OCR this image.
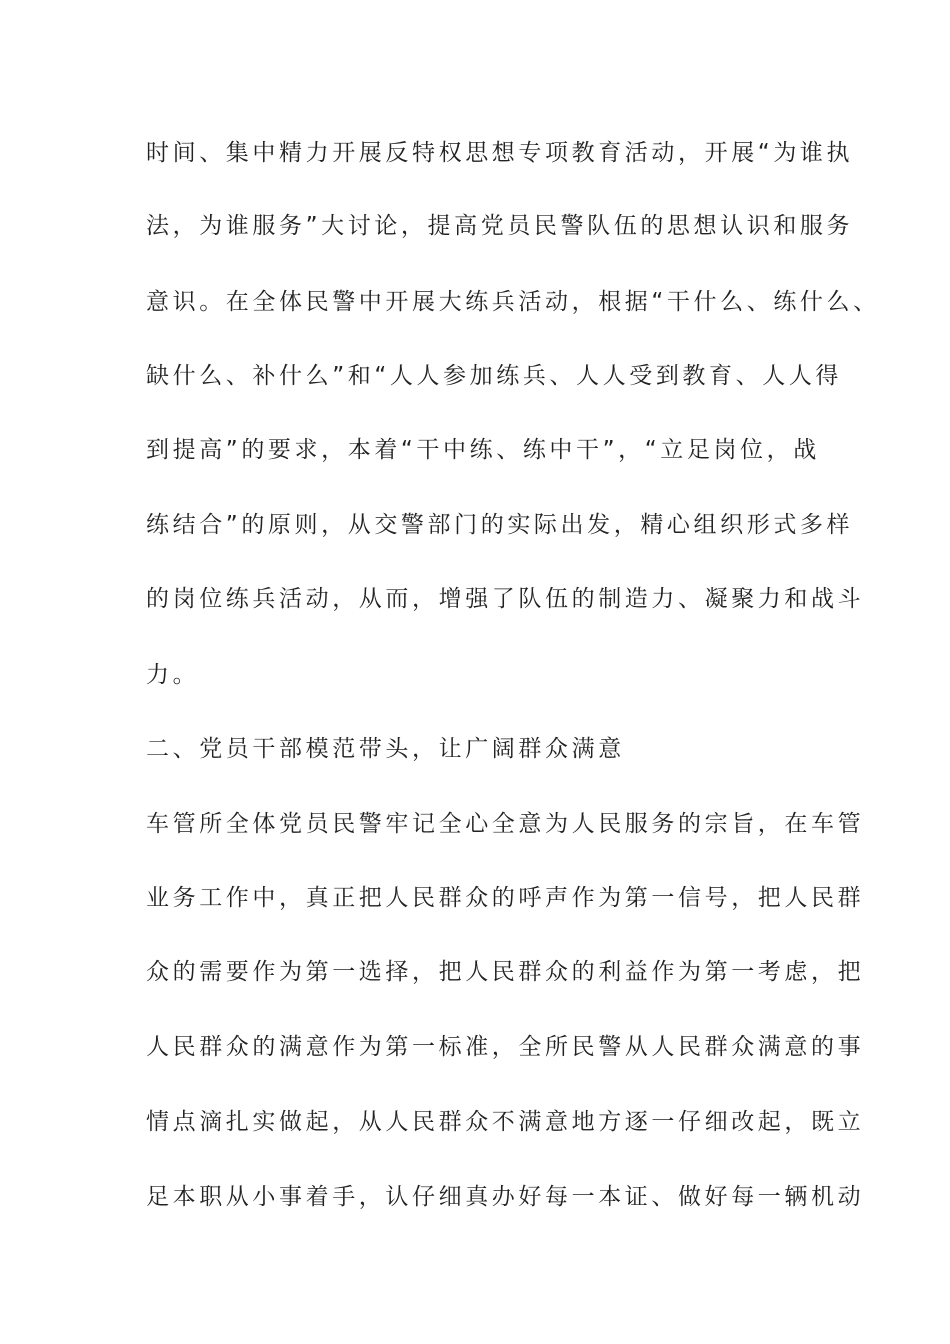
时间、集中精力开展反特权思想专项教育活动，开展“为谁执

法，为谁服务”大讨论，提高党员民警队伍的思想认识和服务

意识。在全体民警中开展大练兵活动，根据“干什么、练什么、

缺什么、补什么”和“人人参加练兵、人人受到教育、人人得

到提高”的要求，本着“干中练、练中干”，“立足岗位，战

练结合”的原则，从交警部门的实际出发，精心组织形式多样

的岗位练兵活动，从而，增强了队伍的制造力、凝聚力和战斗

力。

二、党员干部模范带头，让广阔群众满意

车管所全体党员民警牢记全心全意为人民服务的宗旨，在车管

业务工作中，真正把人民群众的呼声作为第一信号，把人民群

众的需要作为第一选择，把人民群众的利益作为第一考虑，把

人民群众的满意作为第一标准，全所民警从人民群众满意的事

情点滴扎实做起，从人民群众不满意地方逐一仔细改起，既立

足本职从小事着手，认仔细真办好每一本证、做好每一辆机动
